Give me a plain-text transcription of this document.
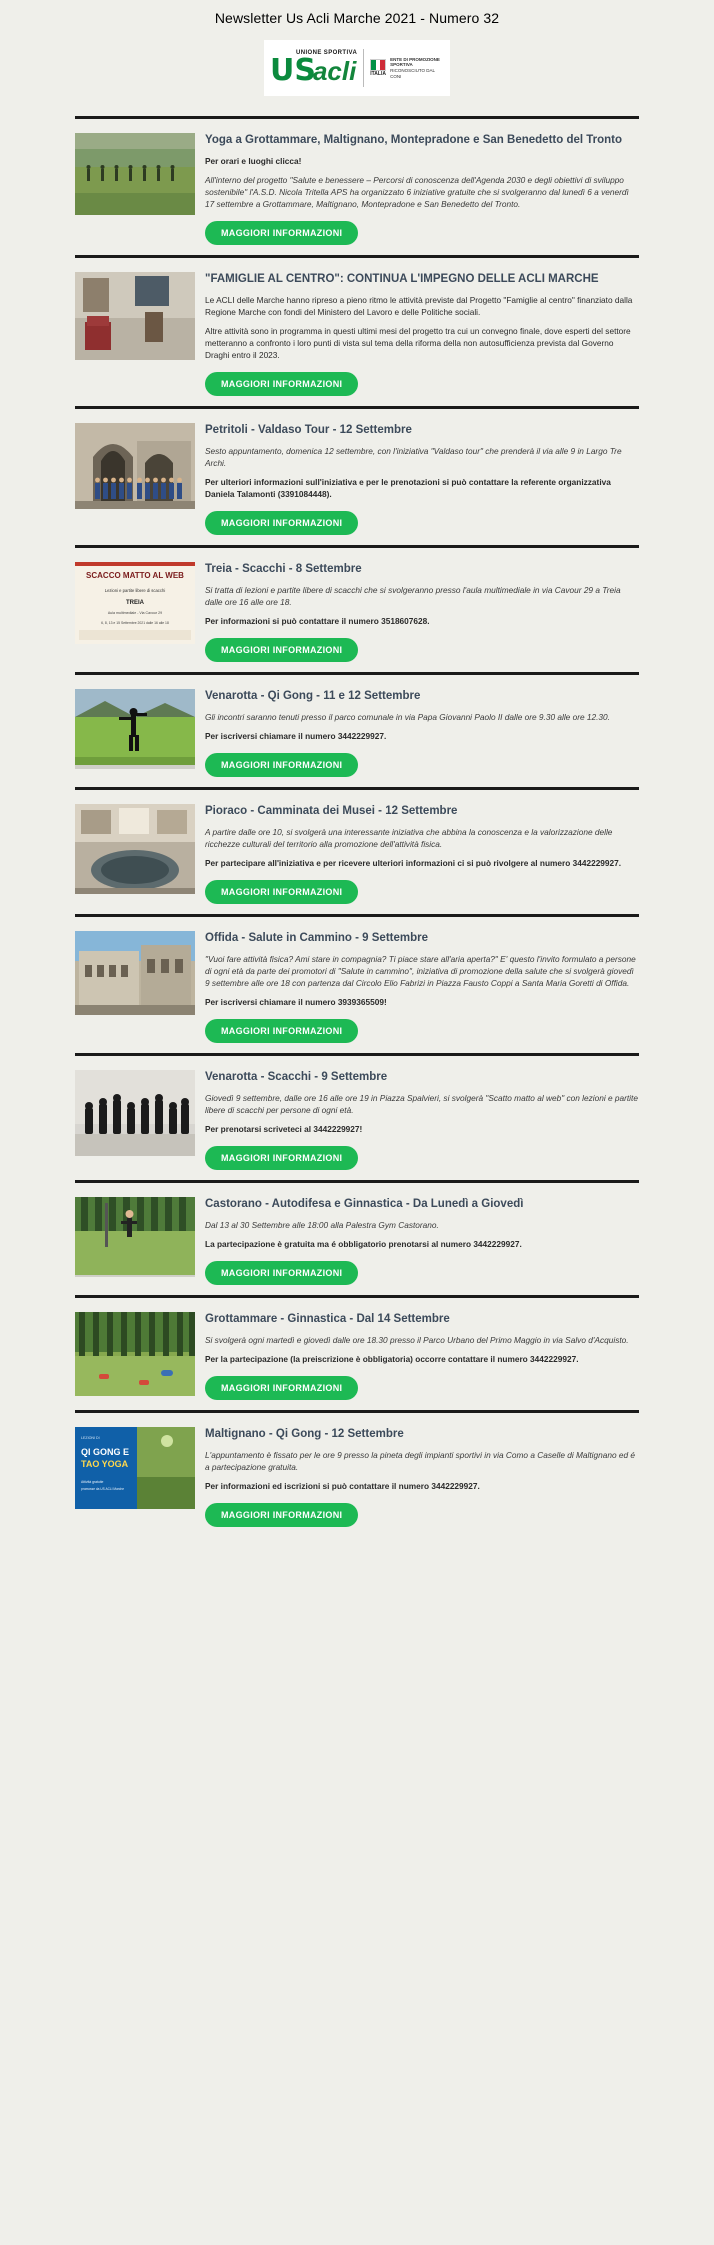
Newsletter Us Acli Marche 2021 - Numero 32
UNIONE SPORTIVA
US
acli	ITALIA
ENTE DI PROMOZIONE SPORTIVA
RICONOSCIUTO DAL CONI
Yoga a Grottammare, Maltignano, Montepradone e San Benedetto del Tronto

Per orari e luoghi clicca!

All'interno del progetto "Salute e benessere – Percorsi di conoscenza dell'Agenda 2030 e degli obiettivi di sviluppo sostenibile" l'A.S.D. Nicola Tritella APS ha organizzato 6 iniziative gratuite che si svolgeranno dal lunedì 6 a venerdì 17 settembre a Grottammare, Maltignano, Montepradone e San Benedetto del Tronto.

MAGGIORI INFORMAZIONI
"FAMIGLIE AL CENTRO": CONTINUA L'IMPEGNO DELLE ACLI MARCHE

Le ACLI delle Marche hanno ripreso a pieno ritmo le attività previste dal Progetto "Famiglie al centro" finanziato dalla Regione Marche con fondi del Ministero del Lavoro e delle Politiche sociali.

Altre attività sono in programma in questi ultimi mesi del progetto tra cui un convegno finale, dove esperti del settore metteranno a confronto i loro punti di vista sul tema della riforma della non autosufficienza prevista dal Governo Draghi entro il 2023.

MAGGIORI INFORMAZIONI
Petritoli - Valdaso Tour - 12 Settembre

Sesto appuntamento, domenica 12 settembre, con l'iniziativa "Valdaso tour" che prenderà il via alle 9 in Largo Tre Archi.

Per ulteriori informazioni sull'iniziativa e per le prenotazioni si può contattare la referente organizzativa Daniela Talamonti (3391084448).

MAGGIORI INFORMAZIONI
SCACCO MATTO AL WEB
Lezioni e partite libere di scacchi
TREIA
Aula multimediale - Via Cavour 29
6, 8, 13 e 15 Settembre 2021 dalle 16 alle 18
Treia - Scacchi - 8 Settembre

Si tratta di lezioni e partite libere di scacchi che si svolgeranno presso l'aula multimediale in via Cavour 29 a Treia dalle ore 16 alle ore 18.

Per informazioni si può contattare il numero 3518607628.

MAGGIORI INFORMAZIONI
Venarotta - Qi Gong - 11 e 12 Settembre

Gli incontri saranno tenuti presso il parco comunale in via Papa Giovanni Paolo II dalle ore 9.30 alle ore 12.30.

Per iscriversi chiamare il numero 3442229927.

MAGGIORI INFORMAZIONI
Pioraco - Camminata dei Musei - 12 Settembre

A partire dalle ore 10, si svolgerà una interessante iniziativa che abbina la conoscenza e la valorizzazione delle ricchezze culturali del territorio alla promozione dell'attività fisica.

Per partecipare all'iniziativa e per ricevere ulteriori informazioni ci si può rivolgere al numero 3442229927.

MAGGIORI INFORMAZIONI
Offida - Salute in Cammino - 9 Settembre

"Vuoi fare attività fisica? Ami stare in compagnia? Ti piace stare all'aria aperta?" E' questo l'invito formulato a persone di ogni età da parte dei promotori di "Salute in cammino", iniziativa di promozione della salute che si svolgerà giovedì 9 settembre alle ore 18 con partenza dal Circolo Elio Fabrizi in Piazza Fausto Coppi a Santa Maria Goretti di Offida.

Per iscriversi chiamare il numero 3939365509!

MAGGIORI INFORMAZIONI
Venarotta - Scacchi - 9 Settembre

Giovedì 9 settembre, dalle ore 16 alle ore 19 in Piazza Spalvieri, si svolgerà "Scatto matto al web" con lezioni e partite libere di scacchi per persone di ogni età.

Per prenotarsi scriveteci al 3442229927!

MAGGIORI INFORMAZIONI
Castorano - Autodifesa e Ginnastica - Da Lunedì a Giovedì

Dal 13 al 30 Settembre alle 18:00 alla Palestra Gym Castorano.

La partecipazione è gratuita ma é obbligatorio prenotarsi al numero 3442229927.

MAGGIORI INFORMAZIONI
Grottammare - Ginnastica - Dal 14 Settembre

Si svolgerà ogni martedì e giovedì dalle ore 18.30 presso il Parco Urbano del Primo Maggio in via Salvo d'Acquisto.

Per la partecipazione (la preiscrizione è obbligatoria) occorre contattare il numero 3442229927.

MAGGIORI INFORMAZIONI
LEZIONI DI
QI GONG E
TAO YOGA
Attività gratuite
promosse da US ACLI Marche
Maltignano - Qi Gong - 12 Settembre

L'appuntamento è fissato per le ore 9 presso la pineta degli impianti sportivi in via Como a Caselle di Maltignano ed é a partecipazione gratuita.

Per informazioni ed iscrizioni si può contattare il numero 3442229927.

MAGGIORI INFORMAZIONI
